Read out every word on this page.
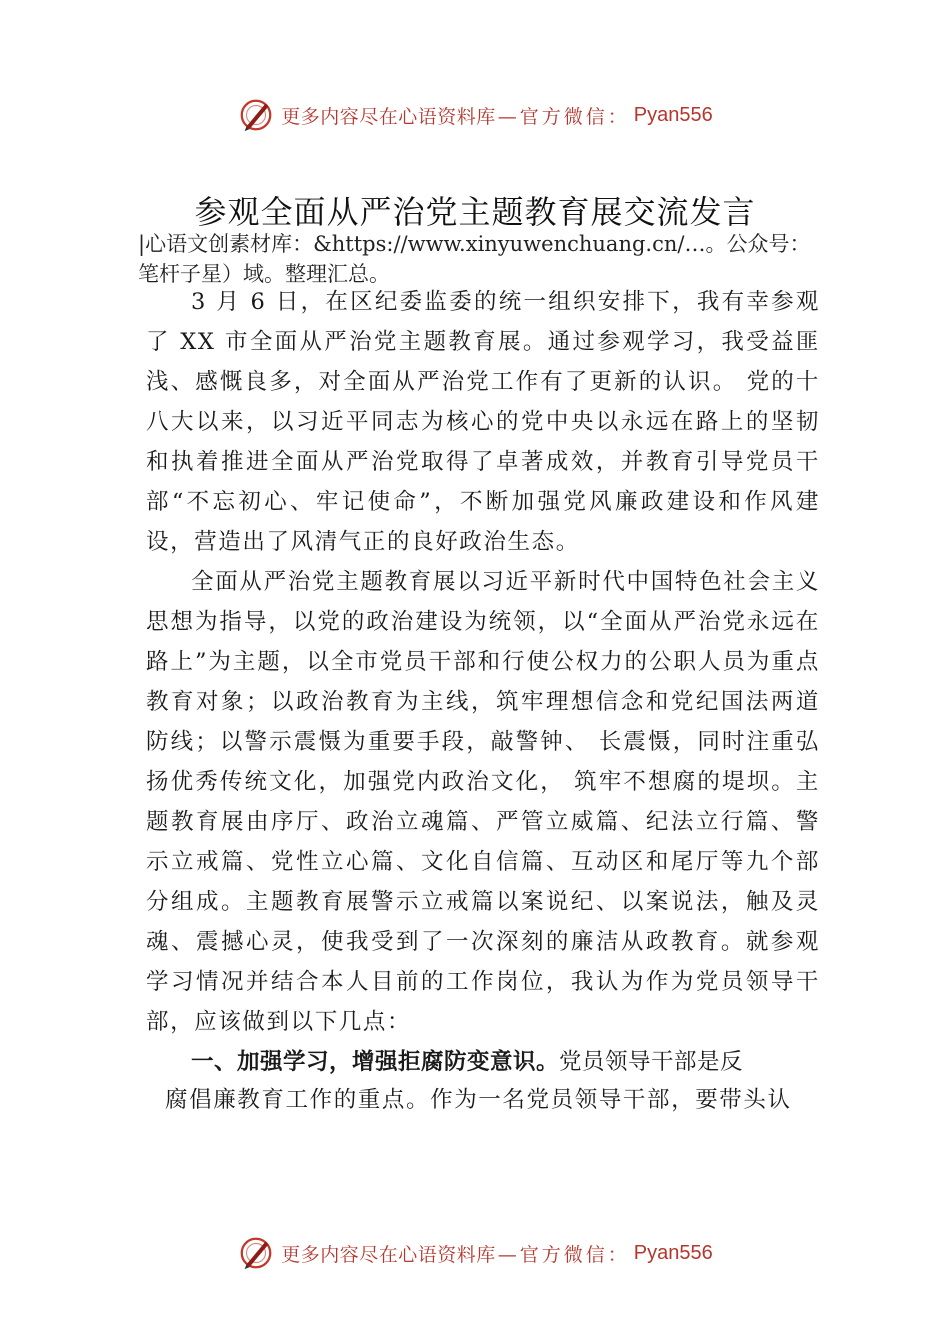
更多内容尽在心语资料库 —官方微信： Pyan556
参观全面从严治党主题教育展交流发言
|心语文创素材库：&https://www.xinyuwenchuang.cn/…。公众号：笔杆子星）域。整理汇总。

3 月 6 日，在区纪委监委的统一组织安排下，我有幸参观了 XX 市全面从严治党主题教育展。通过参观学习，我受益匪浅、感慨良多，对全面从严治党工作有了更新的认识。 党的十八大以来，以习近平同志为核心的党中央以永远在路上的坚韧和执着推进全面从严治党取得了卓著成效，并教育引导党员干部“不忘初心、牢记使命”，不断加强党风廉政建设和作风建设，营造出了风清气正的良好政治生态。

全面从严治党主题教育展以习近平新时代中国特色社会主义思想为指导，以党的政治建设为统领，以“全面从严治党永远在路上”为主题，以全市党员干部和行使公权力的公职人员为重点教育对象；以政治教育为主线，筑牢理想信念和党纪国法两道防线；以警示震慑为重要手段，敲警钟、 长震慑，同时注重弘扬优秀传统文化，加强党内政治文化， 筑牢不想腐的堤坝。主题教育展由序厅、政治立魂篇、严管立威篇、纪法立行篇、警示立戒篇、党性立心篇、文化自信篇、互动区和尾厅等九个部分组成。主题教育展警示立戒篇以案说纪、以案说法，触及灵魂、震撼心灵，使我受到了一次深刻的廉洁从政教育。就参观学习情况并结合本人目前的工作岗位，我认为作为党员领导干部，应该做到以下几点：

一、加强学习，增强拒腐防变意识。党员领导干部是反

腐倡廉教育工作的重点。作为一名党员领导干部，要带头认
更多内容尽在心语资料库 —官方微信： Pyan556
